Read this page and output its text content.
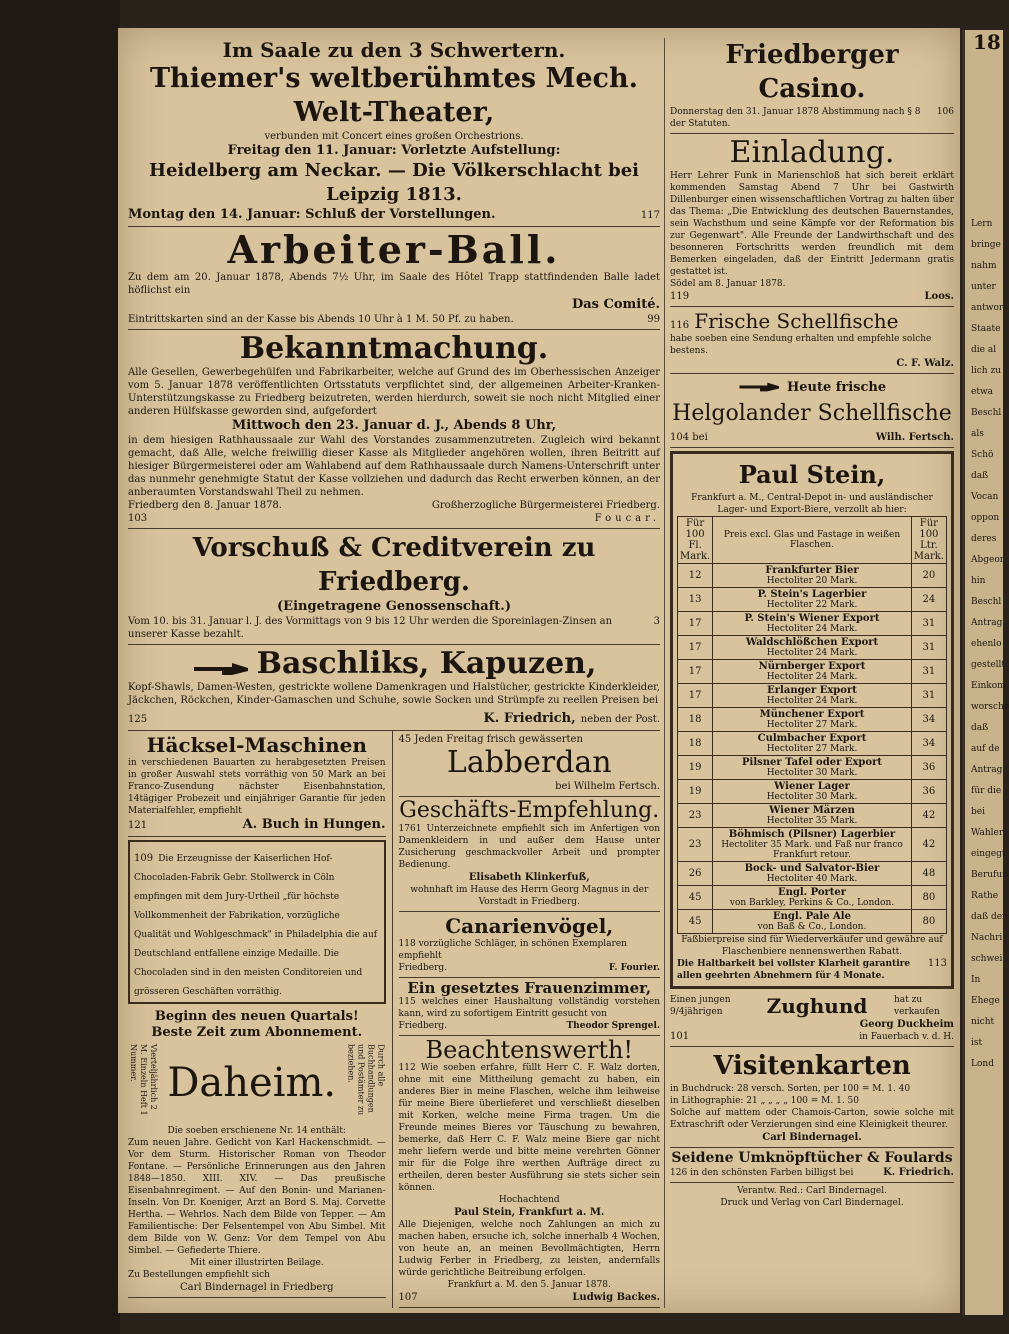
Im Saale zu den 3 Schwertern.
Thiemer's weltberühmtes Mech. Welt-Theater,
verbunden mit Concert eines großen Orchestrions.
Freitag den 11. Januar: Vorletzte Aufstellung:
Heidelberg am Neckar. — Die Völkerschlacht bei Leipzig 1813.
Montag den 14. Januar: Schluß der Vorstellungen.	117
Arbeiter-Ball.
Zu dem am 20. Januar 1878, Abends 7½ Uhr, im Saale des Hôtel Trapp stattfindenden Balle ladet höflichst ein
Das Comité.
Eintrittskarten sind an der Kasse bis Abends 10 Uhr à 1 M. 50 Pf. zu haben.	99
Bekanntmachung.
Alle Gesellen, Gewerbegehülfen und Fabrikarbeiter, welche auf Grund des im Oberhessischen Anzeiger vom 5. Januar 1878 veröffentlichten Ortsstatuts verpflichtet sind, der allgemeinen Arbeiter-Kranken-Unterstützungskasse zu Friedberg beizutreten, werden hierdurch, soweit sie noch nicht Mitglied einer anderen Hülfskasse geworden sind, aufgefordert
Mittwoch den 23. Januar d. J., Abends 8 Uhr,
in dem hiesigen Rathhaussaale zur Wahl des Vorstandes zusammenzutreten. Zugleich wird bekannt gemacht, daß Alle, welche freiwillig dieser Kasse als Mitglieder angehören wollen, ihren Beitritt auf hiesiger Bürgermeisterei oder am Wahlabend auf dem Rathhaussaale durch Namens-Unterschrift unter das nunmehr genehmigte Statut der Kasse vollziehen und dadurch das Recht erwerben können, an der anberaumten Vorstandswahl Theil zu nehmen.
Friedberg den 8. Januar 1878.	Großherzogliche Bürgermeisterei Friedberg.
103	Foucar.
Vorschuß & Creditverein zu Friedberg.
(Eingetragene Genossenschaft.)
Vom 10. bis 31. Januar l. J. des Vormittags von 9 bis 12 Uhr werden die Sporeinlagen-Zinsen an unserer Kasse bezahlt.
3
Baschliks, Kapuzen,
Kopf-Shawls, Damen-Westen, gestrickte wollene Damenkragen und Halstücher, gestrickte Kinderkleider, Jäckchen, Röckchen, Kinder-Gamaschen und Schuhe, sowie Socken und Strümpfe zu reellen Preisen bei
125	K. Friedrich, neben der Post.
Häcksel-Maschinen
in verschiedenen Bauarten zu herabgesetzten Preisen in großer Auswahl stets vorräthig von 50 Mark an bei Franco-Zusendung nächster Eisenbahnstation, 14tägiger Probezeit und einjähriger Garantie für jeden Materialfehler, empfiehlt
121	A. Buch in Hungen.
109 Die Erzeugnisse der Kaiserlichen Hof-Chocoladen-Fabrik Gebr. Stollwerck in Cöln empfingen mit dem Jury-Urtheil „für höchste Vollkommenheit der Fabrikation, vorzügliche Qualität und Wohlgeschmack" in Philadelphia die auf Deutschland entfallene einzige Medaille. Die Chocoladen sind in den meisten Conditoreien und grösseren Geschäften vorräthig.
Beginn des neuen Quartals!
Beste Zeit zum Abonnement.
Vierteljährlich 2 M. Einzeln Heft 1 Nummer. Daheim.	Durch alle Buchhandlungen und Postämter zu beziehen.
Die soeben erschienene Nr. 14 enthält:
Zum neuen Jahre. Gedicht von Karl Hackenschmidt. — Vor dem Sturm. Historischer Roman von Theodor Fontane. — Persönliche Erinnerungen aus den Jahren 1848—1850. XIII. XIV. — Das preußische Eisenbahnregiment. — Auf den Bonin- und Marianen-Inseln. Von Dr. Koeniger, Arzt an Bord S. Maj. Corvette Hertha. — Wehrlos. Nach dem Bilde von Tepper. — Am Familientische: Der Felsentempel von Abu Simbel. Mit dem Bilde von W. Genz: Vor dem Tempel von Abu Simbel. — Gefiederte Thiere.
Mit einer illustrirten Beilage.
Zu Bestellungen empfiehlt sich
Carl Bindernagel in Friedberg
45 Jeden Freitag frisch gewässerten
Labberdan
bei Wilhelm Fertsch.
Geschäfts-Empfehlung.
1761 Unterzeichnete empfiehlt sich im Anfertigen von Damenkleidern in und außer dem Hause unter Zusicherung geschmackvoller Arbeit und prompter Bedienung.
Elisabeth Klinkerfuß,
wohnhaft im Hause des Herrn Georg Magnus in der Vorstadt in Friedberg.
Canarienvögel,
118 vorzügliche Schläger, in schönen Exemplaren empfiehlt
Friedberg.	F. Fourier.
Ein gesetztes Frauenzimmer,
115 welches einer Haushaltung vollständig vorstehen kann, wird zu sofortigem Eintritt gesucht von
Friedberg.	Theodor Sprengel.
Beachtenswerth!
112 Wie soeben erfahre, füllt Herr C. F. Walz dorten, ohne mit eine Mittheilung gemacht zu haben, ein anderes Bier in meine Flaschen, welche ihm leihweise für meine Biere überlieferet und verschließt dieselben mit Korken, welche meine Firma tragen. Um die Freunde meines Bieres vor Täuschung zu bewahren, bemerke, daß Herr C. F. Walz meine Biere gar nicht mehr liefern werde und bitte meine verehrten Gönner mir für die Folge ihre werthen Aufträge direct zu ertheilen, deren bester Ausführung sie stets sicher sein können.
Hochachtend
Paul Stein, Frankfurt a. M.
Alle Diejenigen, welche noch Zahlungen an mich zu machen haben, ersuche ich, solche innerhalb 4 Wochen, von heute an, an meinen Bevollmächtigten, Herrn Ludwig Ferber in Friedberg, zu leisten, andernfalls würde gerichtliche Beitreibung erfolgen.
Frankfurt a. M. den 5. Januar 1878.
107	Ludwig Backes.
Friedberger Casino.
Donnerstag den 31. Januar 1878 Abstimmung nach § 8 der Statuten.
106
Einladung.
Herr Lehrer Funk in Marienschloß hat sich bereit erklärt kommenden Samstag Abend 7 Uhr bei Gastwirth Dillenburger einen wissenschaftlichen Vortrag zu halten über das Thema: „Die Entwicklung des deutschen Bauernstandes, sein Wachsthum und seine Kämpfe vor der Reformation bis zur Gegenwart". Alle Freunde der Landwirthschaft und des besonneren Fortschritts werden freundlich mit dem Bemerken eingeladen, daß der Eintritt Jedermann gratis gestattet ist.
Södel am 8. Januar 1878.
119	Loos.
116 Frische Schellfische
habe soeben eine Sendung erhalten und empfehle solche bestens.
C. F. Walz.
Heute frische
Helgolander Schellfische
104 bei	Wilh. Fertsch.
Paul Stein,
Frankfurt a. M., Central-Depot in- und ausländischer Lager- und Export-Biere, verzollt ab hier:
Für 100 Fl.
Mark.	Preis excl. Glas und Fastage in weißen Flaschen.	Für 100 Ltr.
Mark.
12	Frankfurter Bier
Hectoliter 20 Mark.	20
13	P. Stein's Lagerbier
Hectoliter 22 Mark.	24
17	P. Stein's Wiener Export
Hectoliter 24 Mark.	31
17	Waldschlößchen Export
Hectoliter 24 Mark.	31
17	Nürnberger Export
Hectoliter 24 Mark.	31
17	Erlanger Export
Hectoliter 24 Mark.	31
18	Münchener Export
Hectoliter 27 Mark.	34
18	Culmbacher Export
Hectoliter 27 Mark.	34
19	Pilsner Tafel oder Export
Hectoliter 30 Mark.	36
19	Wiener Lager
Hectoliter 30 Mark.	36
23	Wiener Märzen
Hectoliter 35 Mark.	42
23	Böhmisch (Pilsner) Lagerbier
Hectoliter 35 Mark. und Faß nur franco Frankfurt retour.	42
26	Bock- und Salvator-Bier
Hectoliter 40 Mark.	48
45	Engl. Porter
von Barkley, Perkins & Co., London.	80
45	Engl. Pale Ale
von Baß & Co., London.	80
Faßbierpreise sind für Wiederverkäufer und gewähre auf Flaschenbiere nennenswerthen Rabatt.
Die Haltbarkeit bei vollster Klarheit garantire allen geehrten Abnehmern für 4 Monate.
113
Einen jungen 9/4jährigen	Zughund	hat zu verkaufen
Georg Duckheim
101	in Fauerbach v. d. H.
Visitenkarten
in Buchdruck: 28 versch. Sorten, per 100 = M. 1. 40
in Lithographie: 21 „ „ „ „ 100 = M. 1. 50
Solche auf mattem oder Chamois-Carton, sowie solche mit Extraschrift oder Verzierungen sind eine Kleinigkeit theurer.
Carl Bindernagel.
Seidene Umknöpftücher & Foulards
126 in den schönsten Farben billigst bei	K. Friedrich.
Verantw. Red.: Carl Bindernagel.
Druck und Verlag von Carl Bindernagel.
18
Lern
bringe
nahm
unter
antwor
Staate
die al
lich zu
etwa
Beschl
als
Schö
daß
Vocan
oppon
deres
Abgeor
hin
Beschl
Antrag
ehenlo
gestellt
Einkom
worsche
daß
auf de
Antrag
für die
bei
Wahler
eingegt
Berufun
Rathe
daß der
Nachri
schwei
In
Ehege
nicht
ist
Lond
